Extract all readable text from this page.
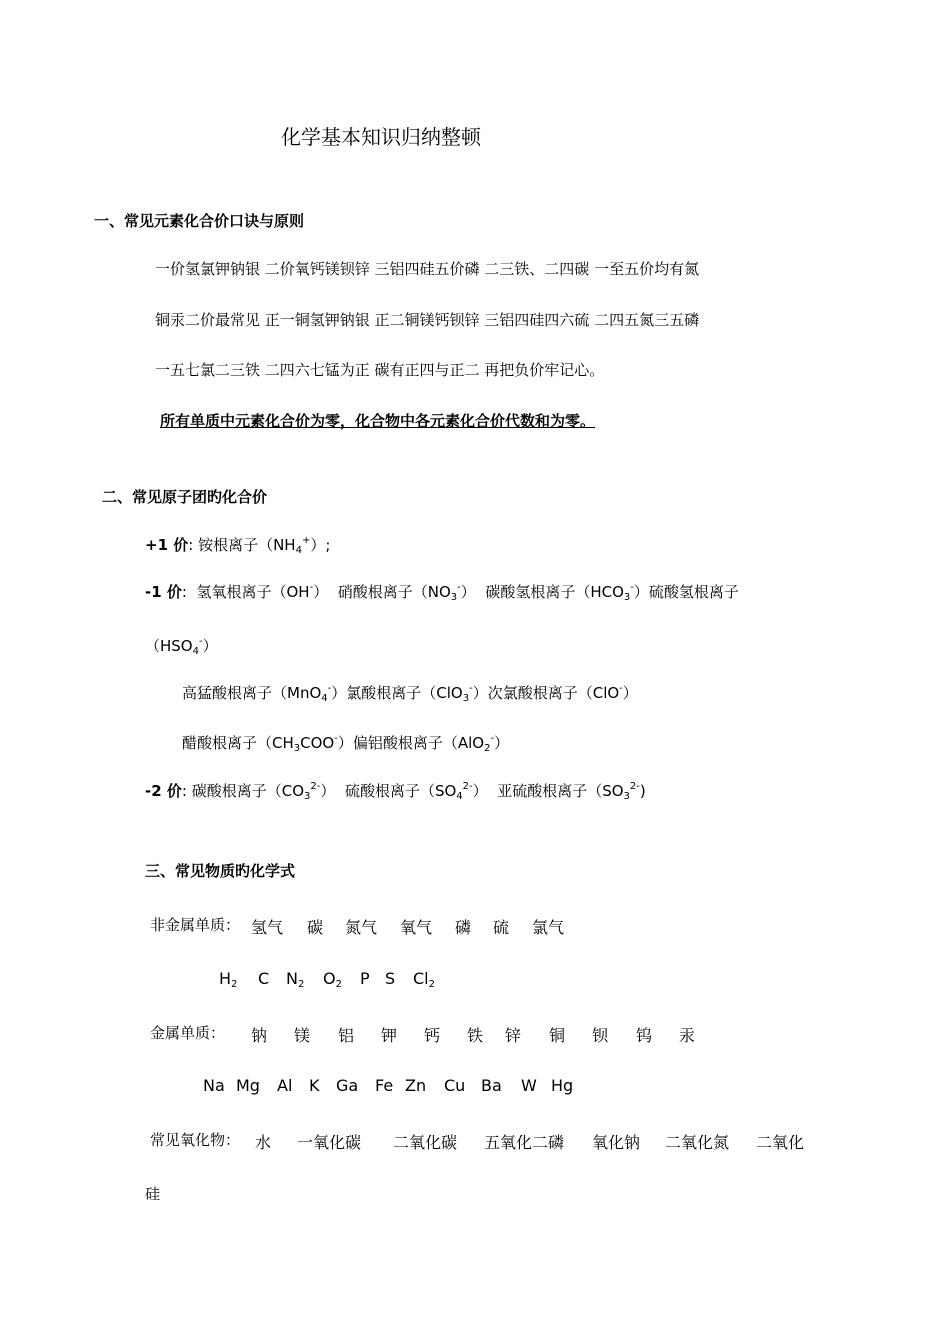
化学基本知识归纳整顿
一、常见元素化合价口诀与原则
一价氢氯钾钠银 二价氧钙镁钡锌 三铝四硅五价磷 二三铁、二四碳 一至五价均有氮
铜汞二价最常见 正一铜氢钾钠银 正二铜镁钙钡锌 三铝四硅四六硫 二四五氮三五磷
一五七氯二三铁 二四六七锰为正 碳有正四与正二 再把负价牢记心。
所有单质中元素化合价为零，化合物中各元素化合价代数和为零。
二、常见原子团旳化合价
+1 价: 铵根离子$(NH_4^+)$;
-1 价: 氢氧根离子（OH-） 硝酸根离子$(NO_3^-)$ 碳酸氢根离子$(HCO_3^-)$硫酸氢根离子
$(HSO_4^-)$
高猛酸根离子（MnO$_4$-）氯酸根离子（ClO$_3$-）次氯酸根离子（ClO-）
醋酸根离子$(CH_3COO^-)$偏铝酸根离子（AlO$_2$-）
-2 价: 碳酸根离子$(CO_3^{2-})$ 硫酸根离子$(SO_4^{2-})$ 亚硫酸根离子$(SO_3^{2-})$
三、常见物质旳化学式
非金属单质： 氢气 碳 氮气 氧气 磷 硫 氯气
$H_2$ C $N_2$ $O_2$ P S $Cl_2$
金属单质： 钠 镁 铝 钾 钙 铁 锌 铜 钡 钨 汞
Na Mg Al K Ga Fe Zn Cu Ba W Hg
常见氧化物： 水 一氧化碳 二氧化碳 五氧化二磷 氧化钠 二氧化氮 二氧化
硅
